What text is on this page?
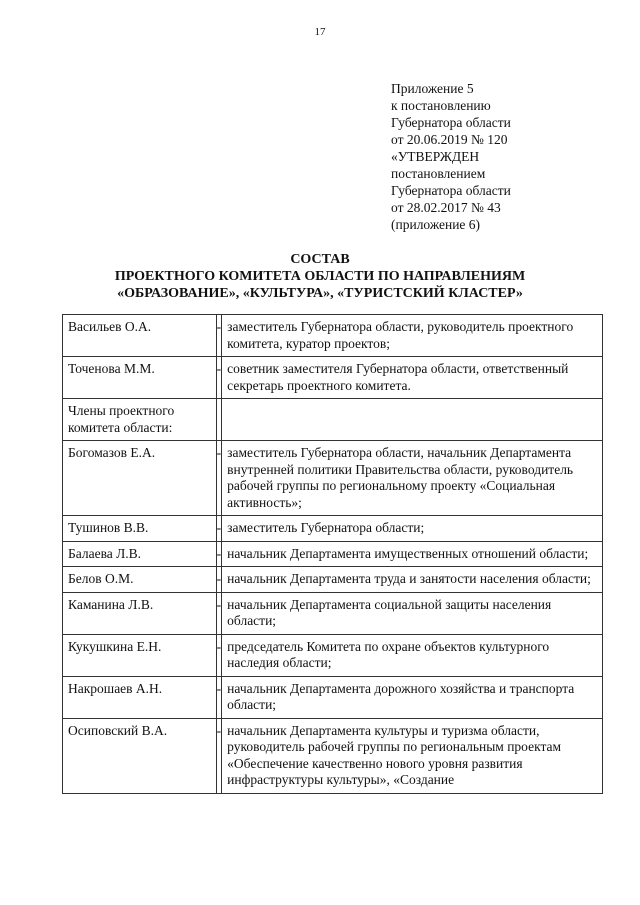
17
Приложение 5
к постановлению
Губернатора области
от 20.06.2019 № 120
«УТВЕРЖДЕН
постановлением
Губернатора области
от 28.02.2017 № 43
(приложение 6)
СОСТАВ
ПРОЕКТНОГО КОМИТЕТА ОБЛАСТИ ПО НАПРАВЛЕНИЯМ
«ОБРАЗОВАНИЕ», «КУЛЬТУРА», «ТУРИСТСКИЙ КЛАСТЕР»
Васильев О.А.	-	заместитель Губернатора области, руководитель проектного комитета, куратор проектов;
Точенова М.М.	-	советник заместителя Губернатора области, ответственный секретарь проектного комитета.
Члены проектного комитета области:		
Богомазов Е.А.	-	заместитель Губернатора области, начальник Департамента внутренней политики Правительства области, руководитель рабочей группы по региональному проекту «Социальная активность»;
Тушинов В.В.	-	заместитель Губернатора области;
Балаева Л.В.	-	начальник Департамента имущественных отношений области;
Белов О.М.	-	начальник Департамента труда и занятости населения области;
Каманина Л.В.	-	начальник Департамента социальной защиты населения области;
Кукушкина Е.Н.	-	председатель Комитета по охране объектов культурного наследия области;
Накрошаев А.Н.	-	начальник Департамента дорожного хозяйства и транспорта области;
Осиповский В.А.	-	начальник Департамента культуры и туризма области, руководитель рабочей группы по региональным проектам «Обеспечение качественно нового уровня развития инфраструктуры культуры», «Создание
